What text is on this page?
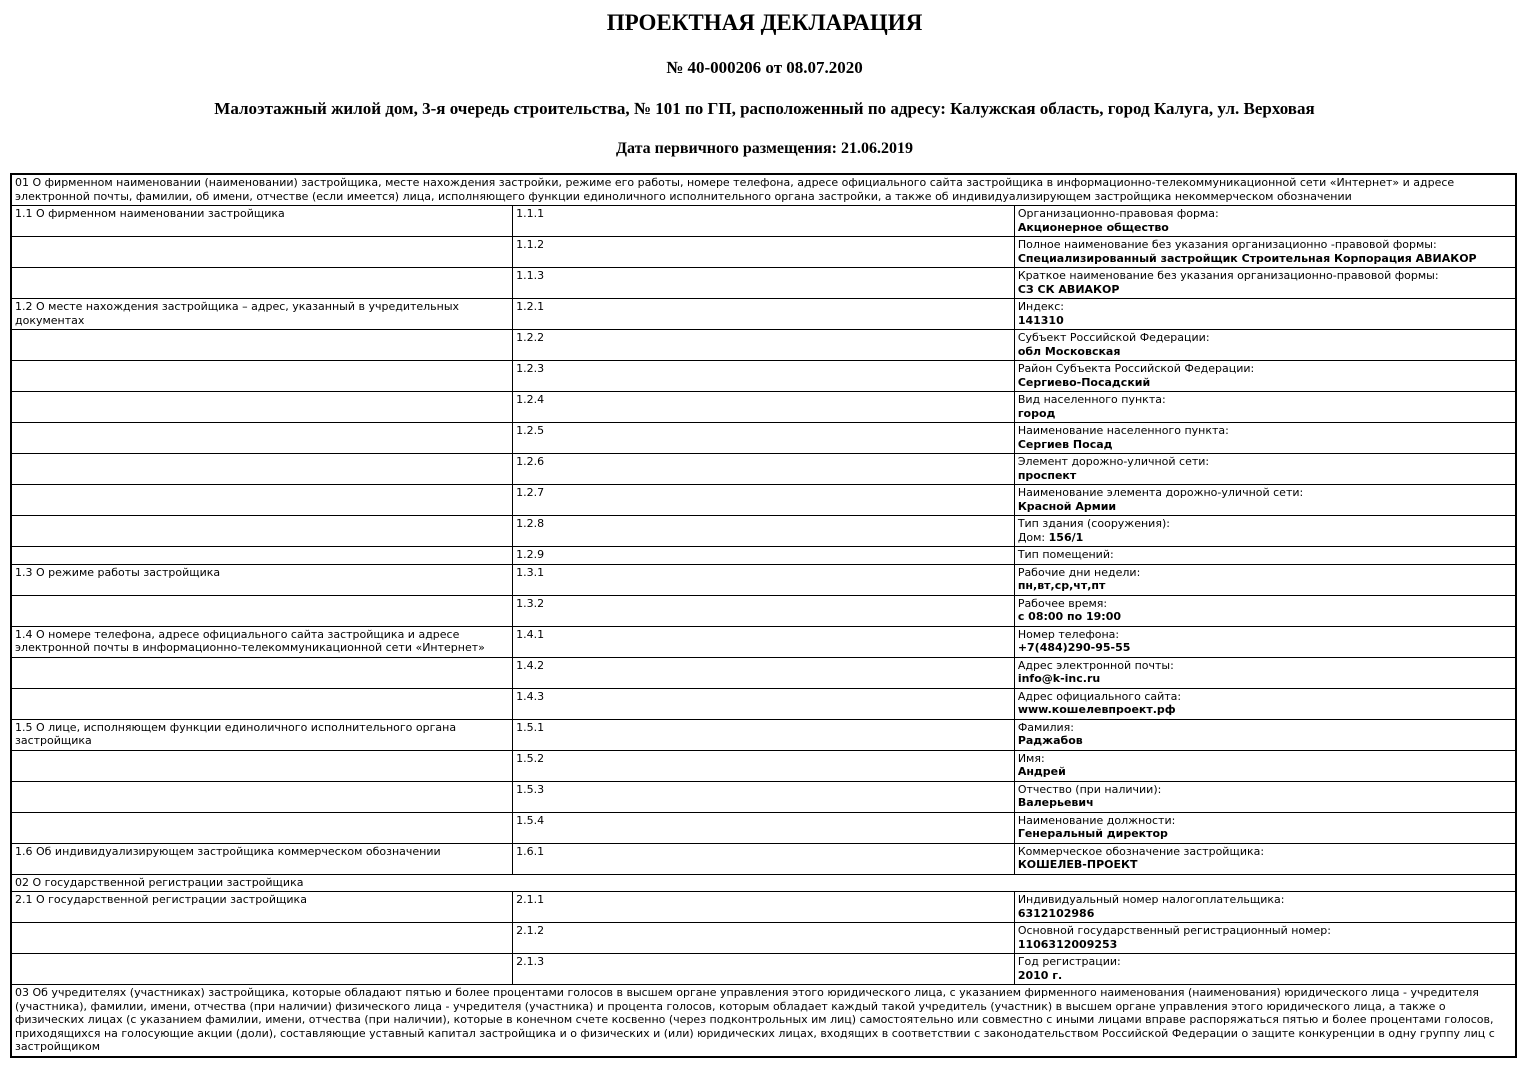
ПРОЕКТНАЯ ДЕКЛАРАЦИЯ
№ 40-000206 от 08.07.2020
Малоэтажный жилой дом, 3-я очередь строительства, № 101 по ГП, расположенный по адресу: Калужская область, город Калуга, ул. Верховая
Дата первичного размещения: 21.06.2019
01 О фирменном наименовании (наименовании) застройщика, месте нахождения застройки, режиме его работы, номере телефона, адресе официального сайта застройщика в информационно-телекоммуникационной сети «Интернет» и адресе электронной почты, фамилии, об имени, отчестве (если имеется) лица, исполняющего функции единоличного исполнительного органа застройки, а также об индивидуализирующем застройщика некоммерческом обозначении		
1.1 О фирменном наименовании застройщика	1.1.1	Организационно-правовая форма:
Акционерное общество

	1.1.2	Полное наименование без указания организационно -правовой формы:
Специализированный застройщик Строительная Корпорация АВИАКОР

	1.1.3	Краткое наименование без указания организационно-правовой формы:
СЗ СК АВИАКОР

1.2 О месте нахождения застройщика – адрес, указанный в учредительных документах	1.2.1	Индекс:
141310

	1.2.2	Субъект Российской Федерации:
обл Московская

	1.2.3	Район Субъекта Российской Федерации:
Сергиево-Посадский

	1.2.4	Вид населенного пункта:
город

	1.2.5	Наименование населенного пункта:
Сергиев Посад

	1.2.6	Элемент дорожно-уличной сети:
проспект

	1.2.7	Наименование элемента дорожно-уличной сети:
Красной Армии

	1.2.8	Тип здания (сооружения):
Дом: 156/1

	1.2.9	Тип помещений:

1.3 О режиме работы застройщика	1.3.1	Рабочие дни недели:
пн,вт,ср,чт,пт

	1.3.2	Рабочее время:
с 08:00 по 19:00

1.4 О номере телефона, адресе официального сайта застройщика и адресе электронной почты в информационно-телекоммуникационной сети «Интернет»	1.4.1	Номер телефона:
+7(484)290-95-55

	1.4.2	Адрес электронной почты:
info@k-inc.ru

	1.4.3	Адрес официального сайта:
www.кошелевпроект.рф

1.5 О лице, исполняющем функции единоличного исполнительного органа застройщика	1.5.1	Фамилия:
Раджабов

	1.5.2	Имя:
Андрей

	1.5.3	Отчество (при наличии):
Валерьевич

	1.5.4	Наименование должности:
Генеральный директор

1.6 Об индивидуализирующем застройщика коммерческом обозначении	1.6.1	Коммерческое обозначение застройщика:
КОШЕЛЕВ-ПРОЕКТ

02 О государственной регистрации застройщика		
2.1 О государственной регистрации застройщика	2.1.1	Индивидуальный номер налогоплательщика:
6312102986

	2.1.2	Основной государственный регистрационный номер:
1106312009253

	2.1.3	Год регистрации:
2010 г.

03 Об учредителях (участниках) застройщика, которые обладают пятью и более процентами голосов в высшем органе управления этого юридического лица, с указанием фирменного наименования (наименования) юридического лица - учредителя (участника), фамилии, имени, отчества (при наличии) физического лица - учредителя (участника) и процента голосов, которым обладает каждый такой учредитель (участник) в высшем органе управления этого юридического лица, а также о физических лицах (с указанием фамилии, имени, отчества (при наличии), которые в конечном счете косвенно (через подконтрольных им лиц) самостоятельно или совместно с иными лицами вправе распоряжаться пятью и более процентами голосов, приходящихся на голосующие акции (доли), составляющие уставный капитал застройщика и о физических и (или) юридических лицах, входящих в соответствии с законодательством Российской Федерации о защите конкуренции в одну группу лиц с застройщиком		
